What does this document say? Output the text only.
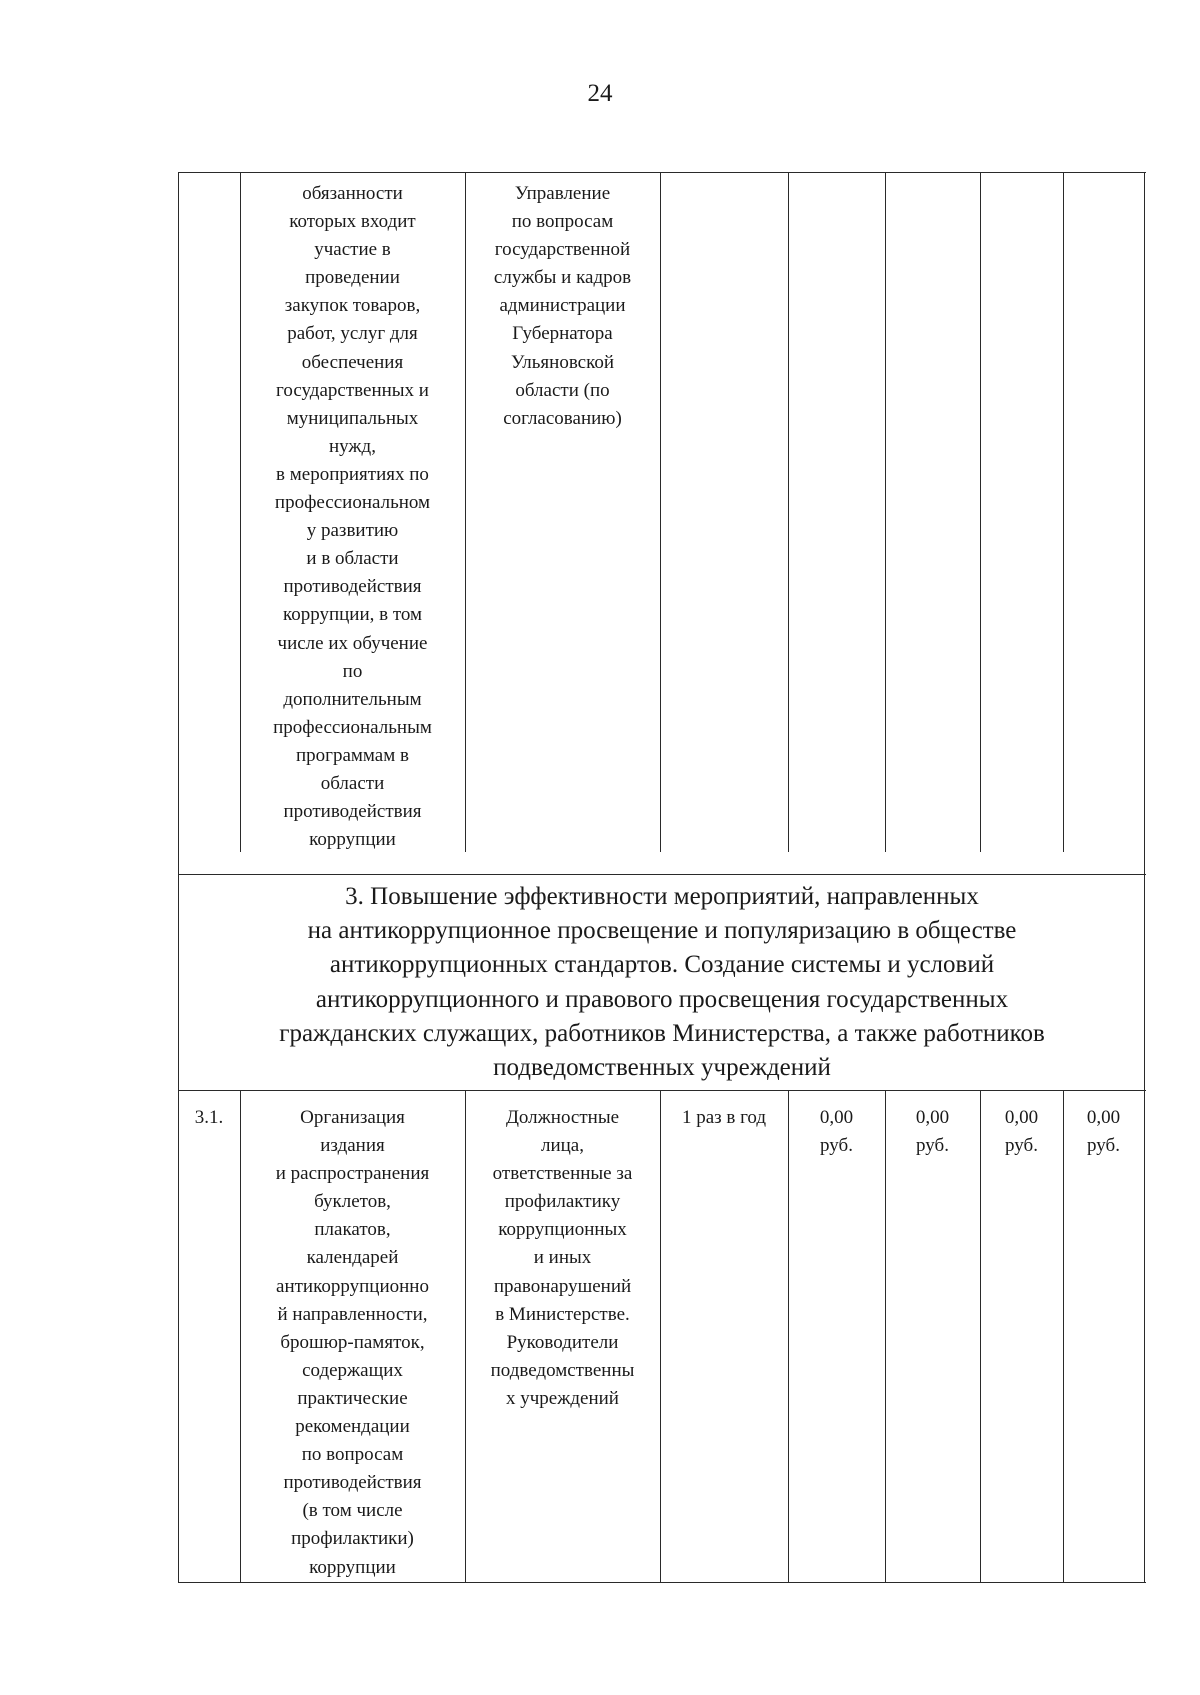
24
обязанности
которых входит
участие в
проведении
закупок товаров,
работ, услуг для
обеспечения
государственных и
муниципальных
нужд,
в мероприятиях по
профессиональном
у развитию
и в области
противодействия
коррупции, в том
числе их обучение
по
дополнительным
профессиональным
программам в
области
противодействия
коррупции
Управление
по вопросам
государственной
службы и кадров
администрации
Губернатора
Ульяновской
области (по
согласованию)
3. Повышение эффективности мероприятий, направленных
на антикоррупционное просвещение и популяризацию в обществе
антикоррупционных стандартов. Создание системы и условий
антикоррупционного и правового просвещения государственных
гражданских служащих, работников Министерства, а также работников
подведомственных учреждений
3.1.	Организация
издания
и распространения
буклетов,
плакатов,
календарей
антикоррупционно
й направленности,
брошюр-памяток,
содержащих
практические
рекомендации
по вопросам
противодействия
(в том числе
профилактики)
коррупции
Должностные
лица,
ответственные за
профилактику
коррупционных
и иных
правонарушений
в Министерстве.
Руководители
подведомственны
х учреждений
1 раз в год	0,00
руб.
0,00
руб.
0,00
руб.
0,00
руб.
